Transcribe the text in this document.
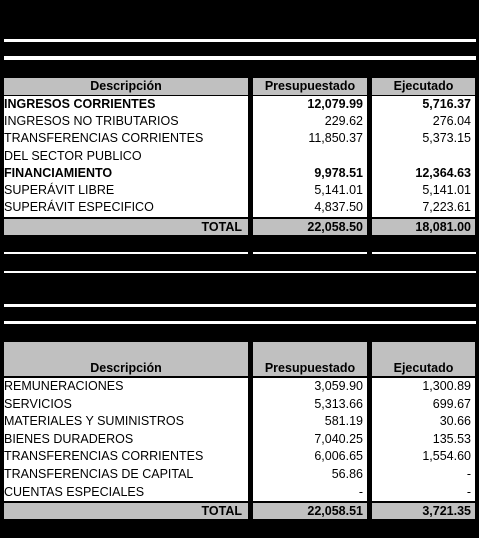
Descripción	Presupuestado	Ejecutado
INGRESOS CORRIENTES	12,079.99	5,716.37
INGRESOS NO TRIBUTARIOS	229.62	276.04
TRANSFERENCIAS CORRIENTES	11,850.37	5,373.15
DEL SECTOR PUBLICO
FINANCIAMIENTO	9,978.51	12,364.63
SUPERÁVIT LIBRE	5,141.01	5,141.01
SUPERÁVIT ESPECIFICO	4,837.50	7,223.61
TOTAL	22,058.50	18,081.00
Descripción	Presupuestado	Ejecutado
REMUNERACIONES	3,059.90	1,300.89
SERVICIOS	5,313.66	699.67
MATERIALES Y SUMINISTROS	581.19	30.66
BIENES DURADEROS	7,040.25	135.53
TRANSFERENCIAS CORRIENTES	6,006.65	1,554.60
TRANSFERENCIAS DE CAPITAL	56.86	-
CUENTAS ESPECIALES	-	-
TOTAL	22,058.51	3,721.35
